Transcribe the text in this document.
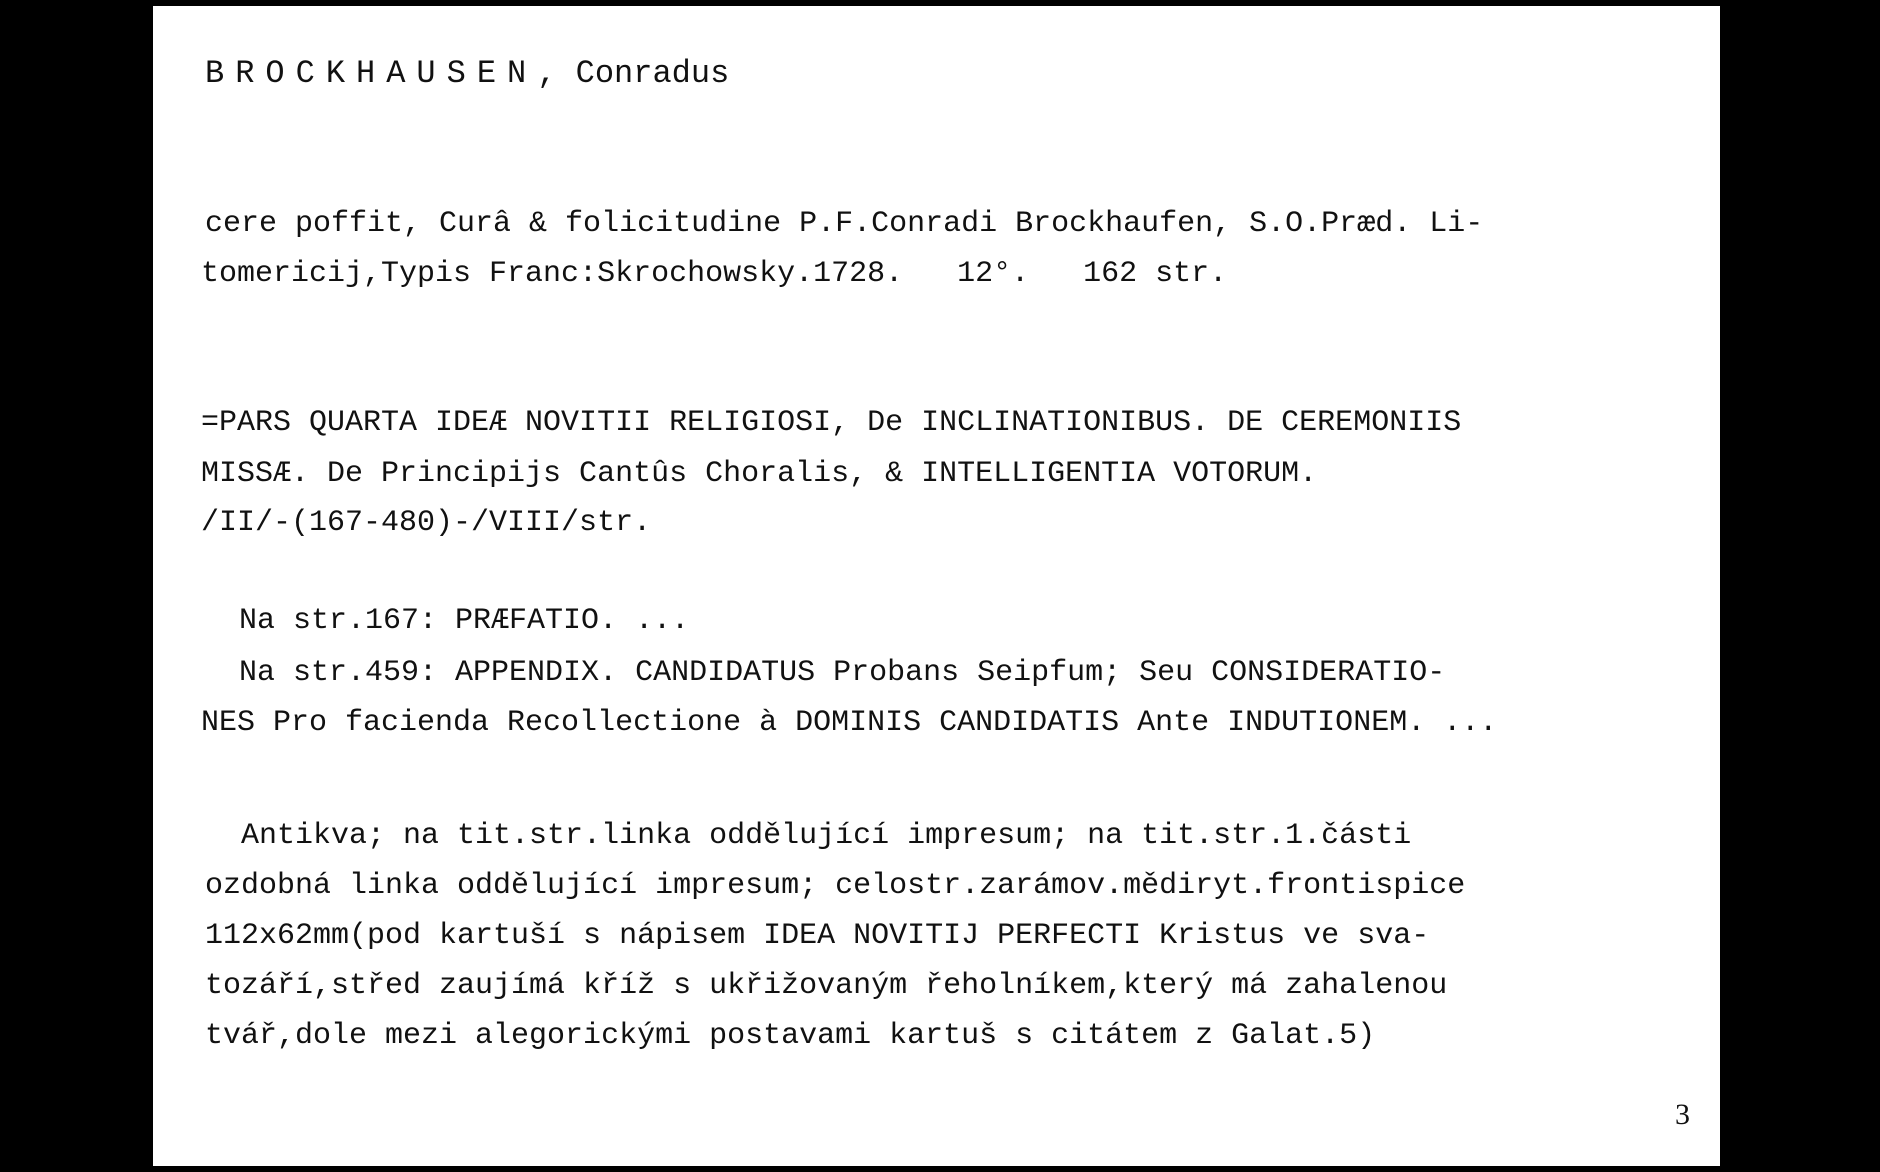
BROCKHAUSEN, Conradus
cere poffit, Curâ & folicitudine P.F.Conradi Brockhaufen, S.O.Præd. Li-
tomericij,Typis Franc:Skrochowsky.1728.   12°.   162 str.
=PARS QUARTA IDEÆ NOVITII RELIGIOSI, De INCLINATIONIBUS. DE CEREMONIIS
MISSÆ. De Principijs Cantûs Choralis, & INTELLIGENTIA VOTORUM.
/II/-(167-480)-/VIII/str.
Na str.167: PRÆFATIO. ...
Na str.459: APPENDIX. CANDIDATUS Probans Seipfum; Seu CONSIDERATIO-
NES Pro facienda Recollectione à DOMINIS CANDIDATIS Ante INDUTIONEM. ...
Antikva; na tit.str.linka oddělující impresum; na tit.str.1.části
ozdobná linka oddělující impresum; celostr.zarámov.mědiryt.frontispice
112x62mm(pod kartuší s nápisem IDEA NOVITIJ PERFECTI Kristus ve sva-
tozáří,střed zaujímá kříž s ukřižovaným řeholníkem,který má zahalenou
tvář,dole mezi alegorickými postavami kartuš s citátem z Galat.5)
3
